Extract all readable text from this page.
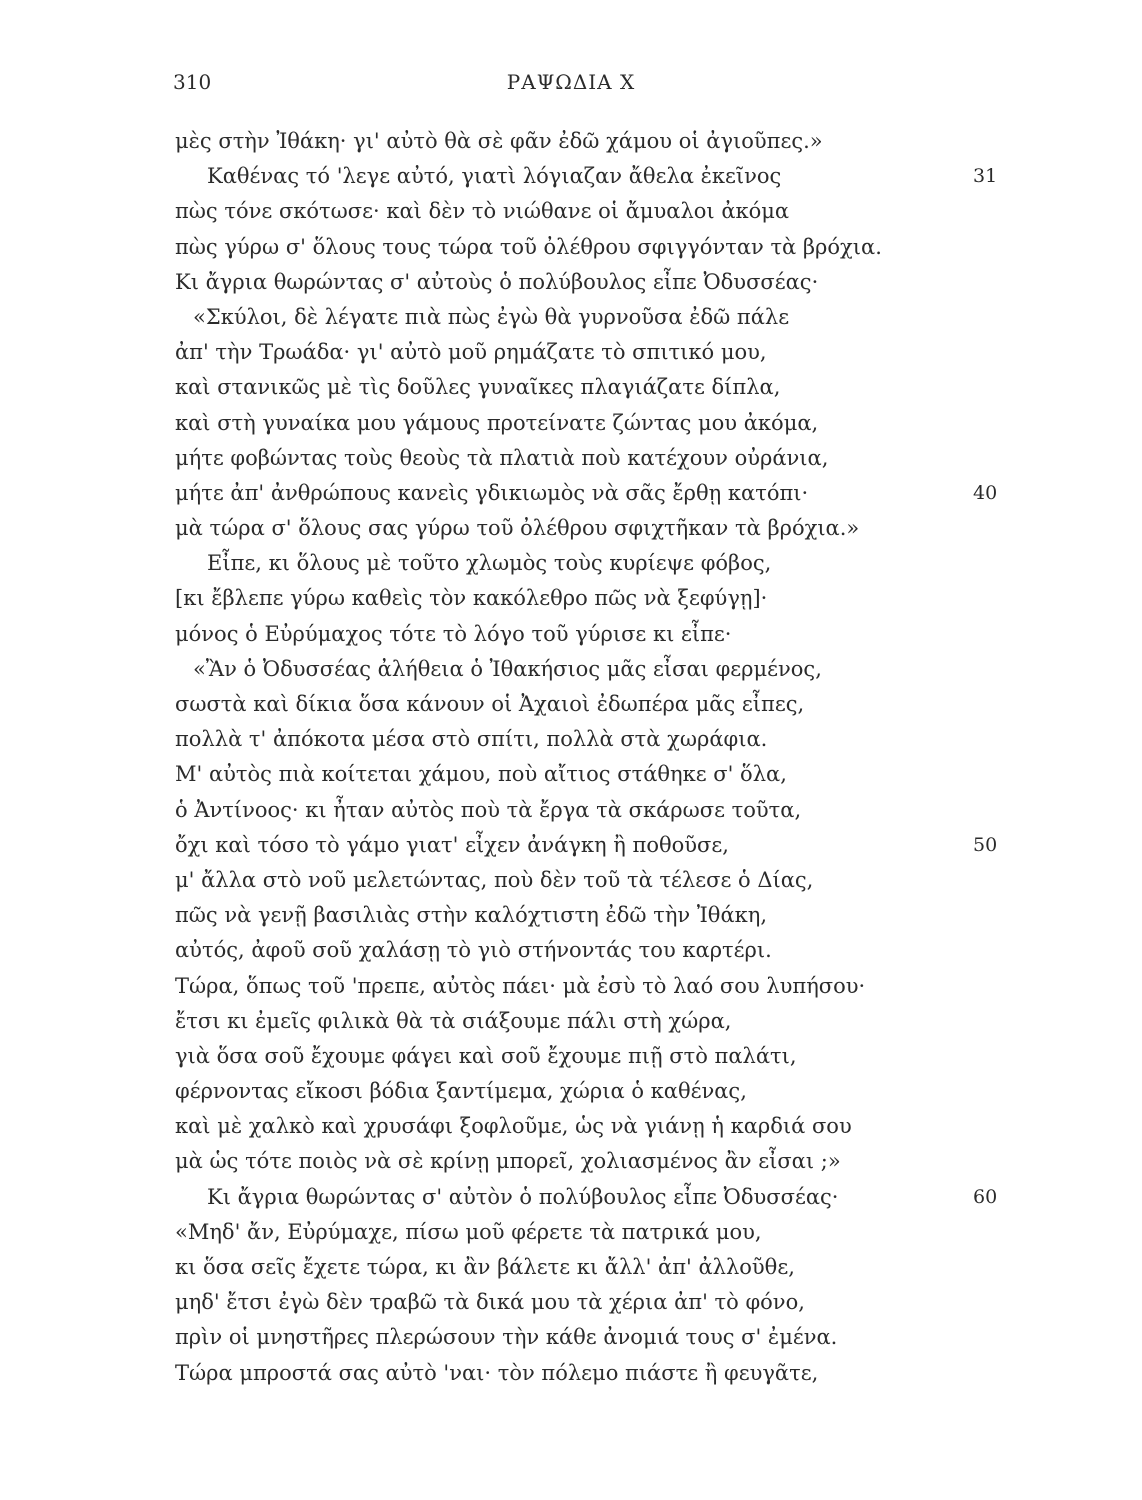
310	ΡΑΨΩΔΙΑ Χ
μὲς στὴν Ἰθάκη· γι' αὐτὸ θὰ σὲ φᾶν ἐδῶ χάμου οἱ ἀγιοῦπες.»
Καθένας τό 'λεγε αὐτό, γιατὶ λόγιαζαν ἄθελα ἐκεῖνος	31
πὼς τόνε σκότωσε· καὶ δὲν τὸ νιώθανε οἱ ἄμυαλοι ἀκόμα
πὼς γύρω σ' ὅλους τους τώρα τοῦ ὀλέθρου σφιγγόνταν τὰ βρόχια.
Κι ἄγρια θωρώντας σ' αὐτοὺς ὁ πολύβουλος εἶπε Ὀδυσσέας·
«Σκύλοι, δὲ λέγατε πιὰ πὼς ἐγὼ θὰ γυρνοῦσα ἐδῶ πάλε
ἀπ' τὴν Τρωάδα· γι' αὐτὸ μοῦ ρημάζατε τὸ σπιτικό μου,
καὶ στανικῶς μὲ τὶς δοῦλες γυναῖκες πλαγιάζατε δίπλα,
καὶ στὴ γυναίκα μου γάμους προτείνατε ζώντας μου ἀκόμα,
μήτε φοβώντας τοὺς θεοὺς τὰ πλατιὰ ποὺ κατέχουν οὐράνια,
μήτε ἀπ' ἀνθρώπους κανεὶς γδικιωμὸς νὰ σᾶς ἔρθῃ κατόπι·	40
μὰ τώρα σ' ὅλους σας γύρω τοῦ ὀλέθρου σφιχτῆκαν τὰ βρόχια.»
Εἶπε, κι ὅλους μὲ τοῦτο χλωμὸς τοὺς κυρίεψε φόβος,
[κι ἔβλεπε γύρω καθεὶς τὸν κακόλεθρο πῶς νὰ ξεφύγῃ]·
μόνος ὁ Εὐρύμαχος τότε τὸ λόγο τοῦ γύρισε κι εἶπε·
«Ἂν ὁ Ὀδυσσέας ἀλήθεια ὁ Ἰθακήσιος μᾶς εἶσαι φερμένος,
σωστὰ καὶ δίκια ὅσα κάνουν οἱ Ἀχαιοὶ ἐδωπέρα μᾶς εἶπες,
πολλὰ τ' ἀπόκοτα μέσα στὸ σπίτι, πολλὰ στὰ χωράφια.
Μ' αὐτὸς πιὰ κοίτεται χάμου, ποὺ αἴτιος στάθηκε σ' ὅλα,
ὁ Ἀντίνοος· κι ἦταν αὐτὸς ποὺ τὰ ἔργα τὰ σκάρωσε τοῦτα,
ὄχι καὶ τόσο τὸ γάμο γιατ' εἶχεν ἀνάγκη ἢ ποθοῦσε,	50
μ' ἄλλα στὸ νοῦ μελετώντας, ποὺ δὲν τοῦ τὰ τέλεσε ὁ Δίας,
πῶς νὰ γενῇ βασιλιὰς στὴν καλόχτιστη ἐδῶ τὴν Ἰθάκη,
αὐτός, ἀφοῦ σοῦ χαλάσῃ τὸ γιὸ στήνοντάς του καρτέρι.
Τώρα, ὅπως τοῦ 'πρεπε, αὐτὸς πάει· μὰ ἐσὺ τὸ λαό σου λυπήσου·
ἔτσι κι ἐμεῖς φιλικὰ θὰ τὰ σιάξουμε πάλι στὴ χώρα,
γιὰ ὅσα σοῦ ἔχουμε φάγει καὶ σοῦ ἔχουμε πιῇ στὸ παλάτι,
φέρνοντας εἴκοσι βόδια ξαντίμεμα, χώρια ὁ καθένας,
καὶ μὲ χαλκὸ καὶ χρυσάφι ξοφλοῦμε, ὡς νὰ γιάνῃ ἡ καρδιά σου
μὰ ὡς τότε ποιὸς νὰ σὲ κρίνῃ μπορεῖ, χολιασμένος ἂν εἶσαι ;»
Κι ἄγρια θωρώντας σ' αὐτὸν ὁ πολύβουλος εἶπε Ὀδυσσέας·	60
«Μηδ' ἄν, Εὐρύμαχε, πίσω μοῦ φέρετε τὰ πατρικά μου,
κι ὅσα σεῖς ἔχετε τώρα, κι ἂν βάλετε κι ἄλλ' ἀπ' ἀλλοῦθε,
μηδ' ἔτσι ἐγὼ δὲν τραβῶ τὰ δικά μου τὰ χέρια ἀπ' τὸ φόνο,
πρὶν οἱ μνηστῆρες πλερώσουν τὴν κάθε ἀνομιά τους σ' ἐμένα.
Τώρα μπροστά σας αὐτὸ 'ναι· τὸν πόλεμο πιάστε ἢ φευγᾶτε,
